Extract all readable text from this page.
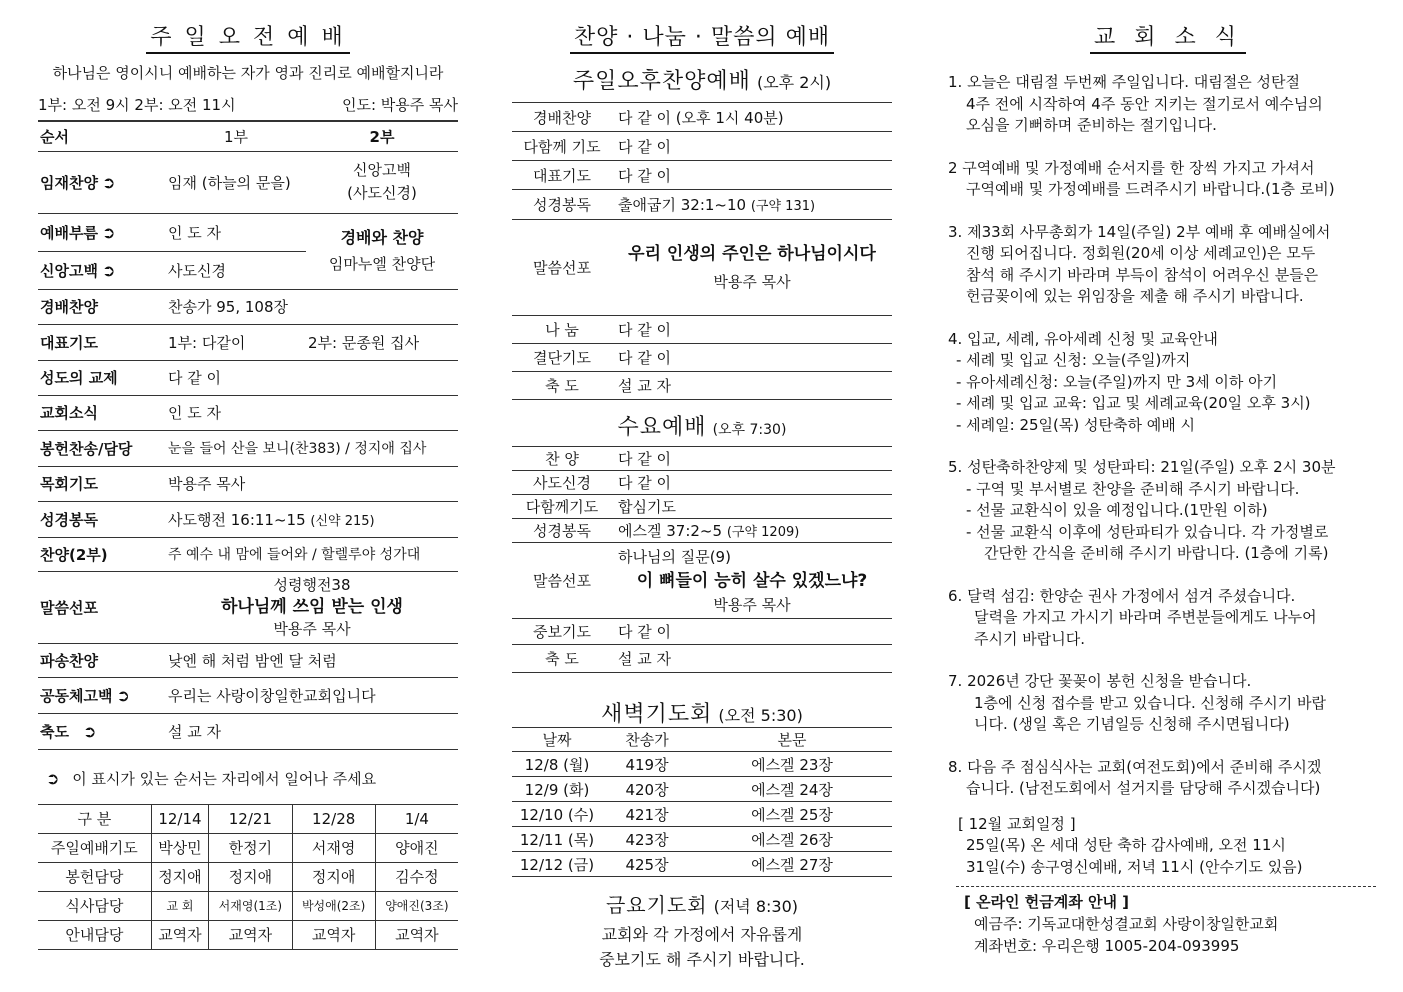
주 일 오 전 예 배
하나님은 영이시니 예배하는 자가 영과 진리로 예배할지니라
1부: 오전 9시 2부: 오전 11시	인도: 박용주 목사
순서	1부	2부
임재찬양 ➲	임재 (하늘의 문을)	신앙고백
(사도신경)

예배부름 ➲	인 도 자	경배와 찬양
임마누엘 찬양단

신앙고백 ➲	사도신경	
경배찬양	찬송가 95, 108장	
대표기도	1부: 다같이	2부: 문종원 집사
성도의 교제	다 같 이	
교회소식	인 도 자	
봉헌찬송/담당	눈을 들어 산을 보니(찬383) / 정지애 집사	
목회기도	박용주 목사	
성경봉독	사도행전 16:11~15 (신약 215)	
찬양(2부)	주 예수 내 맘에 들어와 / 할렐루야 성가대	
말씀선포	성령행전38
하나님께 쓰임 받는 인생
박용주 목사	

파송찬양	낮엔 해 처럼 밤엔 달 처럼	
공동체고백 ➲	우리는 사랑이창일한교회입니다	
축도 ➲	설 교 자	
➲ 이 표시가 있는 순서는 자리에서 일어나 주세요
구 분	12/14	12/21	12/28	1/4
주일예배기도	박상민	한정기	서재영	양애진
봉헌담당	정지애	정지애	정지애	김수정
식사담당	교 회	서재영(1조)	박성애(2조)	양애진(3조)
안내담당	교역자	교역자	교역자	교역자
찬양 · 나눔 · 말씀의 예배
주일오후찬양예배 (오후 2시)
경배찬양	다 같 이 (오후 1시 40분)
다함께 기도	다 같 이
대표기도	다 같 이
성경봉독	출애굽기 32:1~10 (구약 131)
말씀선포	우리 인생의 주인은 하나님이시다
박용주 목사

나 눔	다 같 이
결단기도	다 같 이
축 도	설 교 자
수요예배 (오후 7:30)
찬 양	다 같 이
사도신경	다 같 이
다함께기도	합심기도
성경봉독	에스겔 37:2~5 (구약 1209)
말씀선포	하나님의 질문(9)
이 뼈들이 능히 살수 있겠느냐?
박용주 목사

중보기도	다 같 이
축 도	설 교 자
새벽기도회 (오전 5:30)
날짜	찬송가	본문
12/8 (월)	419장	에스겔 23장
12/9 (화)	420장	에스겔 24장
12/10 (수)	421장	에스겔 25장
12/11 (목)	423장	에스겔 26장
12/12 (금)	425장	에스겔 27장
금요기도회 (저녁 8:30)
교회와 각 가정에서 자유롭게
중보기도 해 주시기 바랍니다.
교 회 소 식
1. 오늘은 대림절 두번째 주일입니다. 대림절은 성탄절
4주 전에 시작하여 4주 동안 지키는 절기로서 예수님의
오심을 기뻐하며 준비하는 절기입니다.
2 구역예배 및 가정예배 순서지를 한 장씩 가지고 가셔서
구역예배 및 가정예배를 드려주시기 바랍니다.(1층 로비)
3. 제33회 사무총회가 14일(주일) 2부 예배 후 예배실에서
진행 되어집니다. 정회원(20세 이상 세례교인)은 모두
참석 해 주시기 바라며 부득이 참석이 어려우신 분들은
헌금꽂이에 있는 위임장을 제출 해 주시기 바랍니다.
4. 입교, 세례, 유아세례 신청 및 교육안내
- 세례 및 입교 신청: 오늘(주일)까지
- 유아세례신청: 오늘(주일)까지 만 3세 이하 아기
- 세례 및 입교 교육: 입교 및 세례교육(20일 오후 3시)
- 세례일: 25일(목) 성탄축하 예배 시
5. 성탄축하찬양제 및 성탄파티: 21일(주일) 오후 2시 30분
- 구역 및 부서별로 찬양을 준비해 주시기 바랍니다.
- 선물 교환식이 있을 예정입니다.(1만원 이하)
- 선물 교환식 이후에 성탄파티가 있습니다. 각 가정별로
간단한 간식을 준비해 주시기 바랍니다. (1층에 기록)
6. 달력 섬김: 한양순 권사 가정에서 섬겨 주셨습니다.
달력을 가지고 가시기 바라며 주변분들에게도 나누어
주시기 바랍니다.
7. 2026년 강단 꽃꽂이 봉헌 신청을 받습니다.
1층에 신청 접수를 받고 있습니다. 신청해 주시기 바랍
니다. (생일 혹은 기념일등 신청해 주시면됩니다)
8. 다음 주 점심식사는 교회(여전도회)에서 준비해 주시겠
습니다. (남전도회에서 설거지를 담당해 주시겠습니다)
[ 12월 교회일정 ]
25일(목) 온 세대 성탄 축하 감사예배, 오전 11시
31일(수) 송구영신예배, 저녁 11시 (안수기도 있음)
[ 온라인 헌금계좌 안내 ]
예금주: 기독교대한성결교회 사랑이창일한교회
계좌번호: 우리은행 1005-204-093995
